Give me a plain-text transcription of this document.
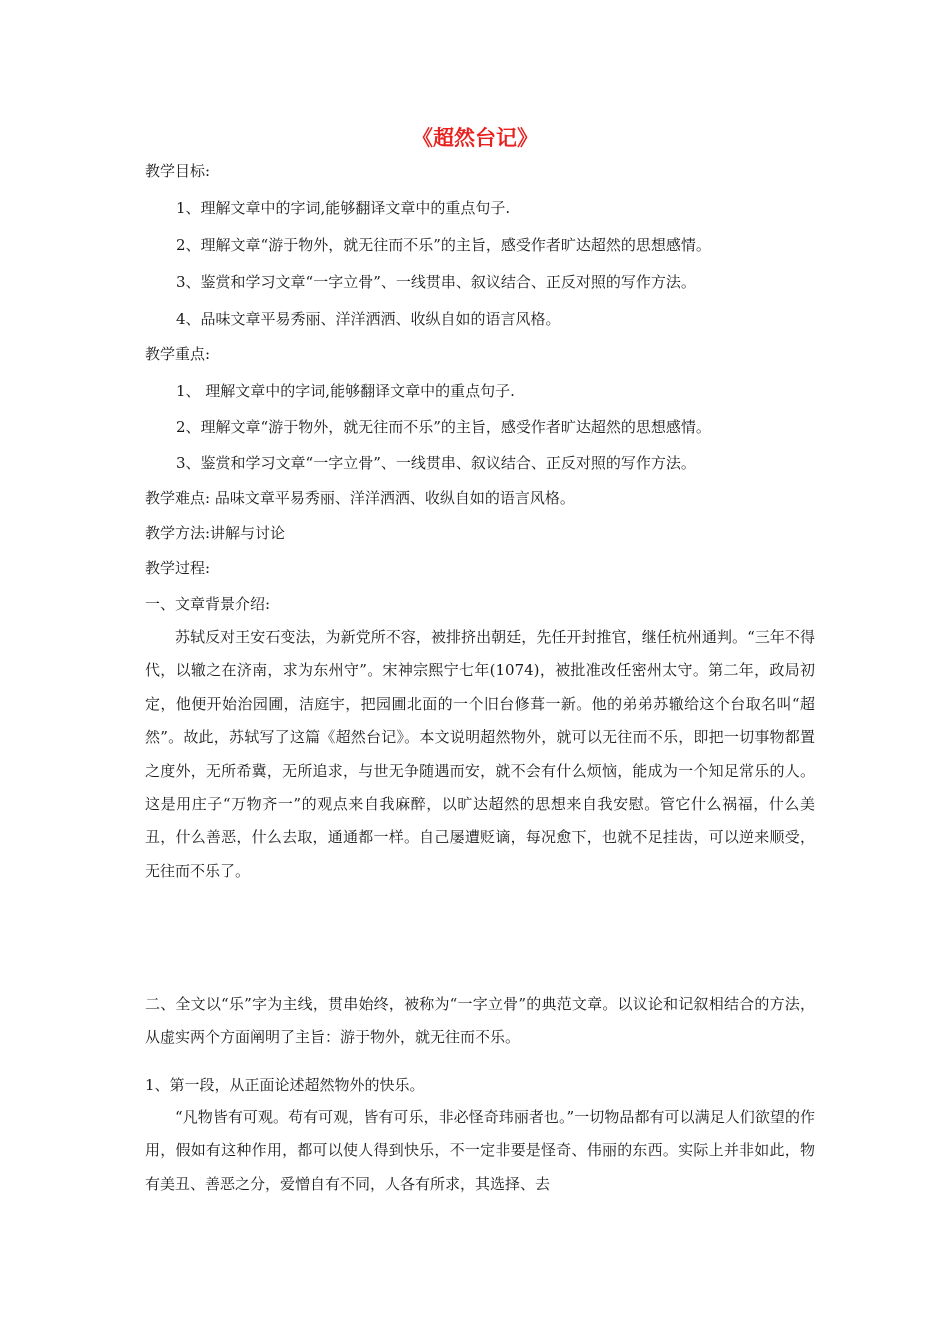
《超然台记》
教学目标:
1、理解文章中的字词,能够翻译文章中的重点句子.
2、理解文章“游于物外，就无往而不乐”的主旨，感受作者旷达超然的思想感情。
3、鉴赏和学习文章“一字立骨”、一线贯串、叙议结合、正反对照的写作方法。
4、品味文章平易秀丽、洋洋洒洒、收纵自如的语言风格。
教学重点:
1、 理解文章中的字词,能够翻译文章中的重点句子.
2、理解文章“游于物外，就无往而不乐”的主旨，感受作者旷达超然的思想感情。
3、鉴赏和学习文章“一字立骨”、一线贯串、叙议结合、正反对照的写作方法。
教学难点: 品味文章平易秀丽、洋洋洒洒、收纵自如的语言风格。
教学方法:讲解与讨论
教学过程:
一、文章背景介绍:
苏轼反对王安石变法，为新党所不容，被排挤出朝廷，先任开封推官，继任杭州通判。“三年不得代，以辙之在济南，求为东州守”。宋神宗熙宁七年(1074)，被批准改任密州太守。第二年，政局初定，他便开始治园圃，洁庭宇，把园圃北面的一个旧台修葺一新。他的弟弟苏辙给这个台取名叫“超然”。故此，苏轼写了这篇《超然台记》。本文说明超然物外，就可以无往而不乐，即把一切事物都置之度外，无所希冀，无所追求，与世无争随遇而安，就不会有什么烦恼，能成为一个知足常乐的人。这是用庄子“万物齐一”的观点来自我麻醉，以旷达超然的思想来自我安慰。管它什么祸福，什么美丑，什么善恶，什么去取，通通都一样。自己屡遭贬谪，每况愈下，也就不足挂齿，可以逆来顺受，无往而不乐了。
二、全文以“乐”字为主线，贯串始终，被称为“一字立骨”的典范文章。以议论和记叙相结合的方法，从虚实两个方面阐明了主旨：游于物外，就无往而不乐。
1、第一段，从正面论述超然物外的快乐。
“凡物皆有可观。苟有可观，皆有可乐，非必怪奇玮丽者也。”一切物品都有可以满足人们欲望的作用，假如有这种作用，都可以使人得到快乐，不一定非要是怪奇、伟丽的东西。实际上并非如此，物有美丑、善恶之分，爱憎自有不同，人各有所求，其选择、去
